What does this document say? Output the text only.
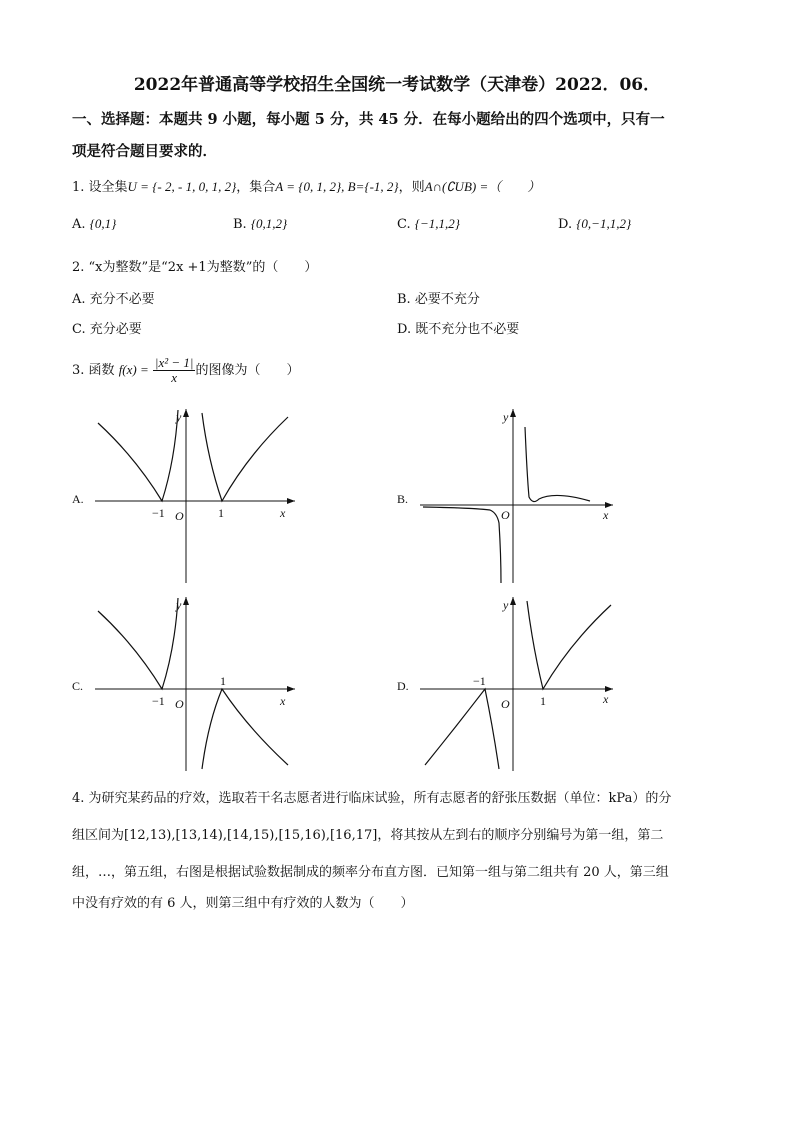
2022年普通高等学校招生全国统一考试数学（天津卷）2022．06．
一、选择题：本题共 9 小题，每小题 5 分，共 45 分．在每小题给出的四个选项中，只有一
项是符合题目要求的．
1. 设全集U = {- 2, - 1, 0, 1, 2}，集合A = {0, 1, 2}, B={-1, 2}，则A∩(∁UB) =（　　）
A. {0,1}	B. {0,1,2}	C. {−1,1,2}	D. {0,−1,1,2}
2. “x为整数”是“2x +1为整数”的（　　）
A. 充分不必要	B. 必要不充分
C. 充分必要	D. 既不充分也不必要
3. 函数 $f(x) = \frac{\text{|x² − 1|}}{x}$ 的图像为（　　）
A.
y
x
O
−1	1
B.
y
x
O
C.
y
x
O
−1
1	D.
y
x
O
−1
1
4. 为研究某药品的疗效，选取若干名志愿者进行临床试验，所有志愿者的舒张压数据（单位：kPa）的分
组区间为[12,13),[13,14),[14,15),[15,16),[16,17]，将其按从左到右的顺序分别编号为第一组，第二
组，…，第五组，右图是根据试验数据制成的频率分布直方图．已知第一组与第二组共有 20 人，第三组
中没有疗效的有 6 人，则第三组中有疗效的人数为（　　）
